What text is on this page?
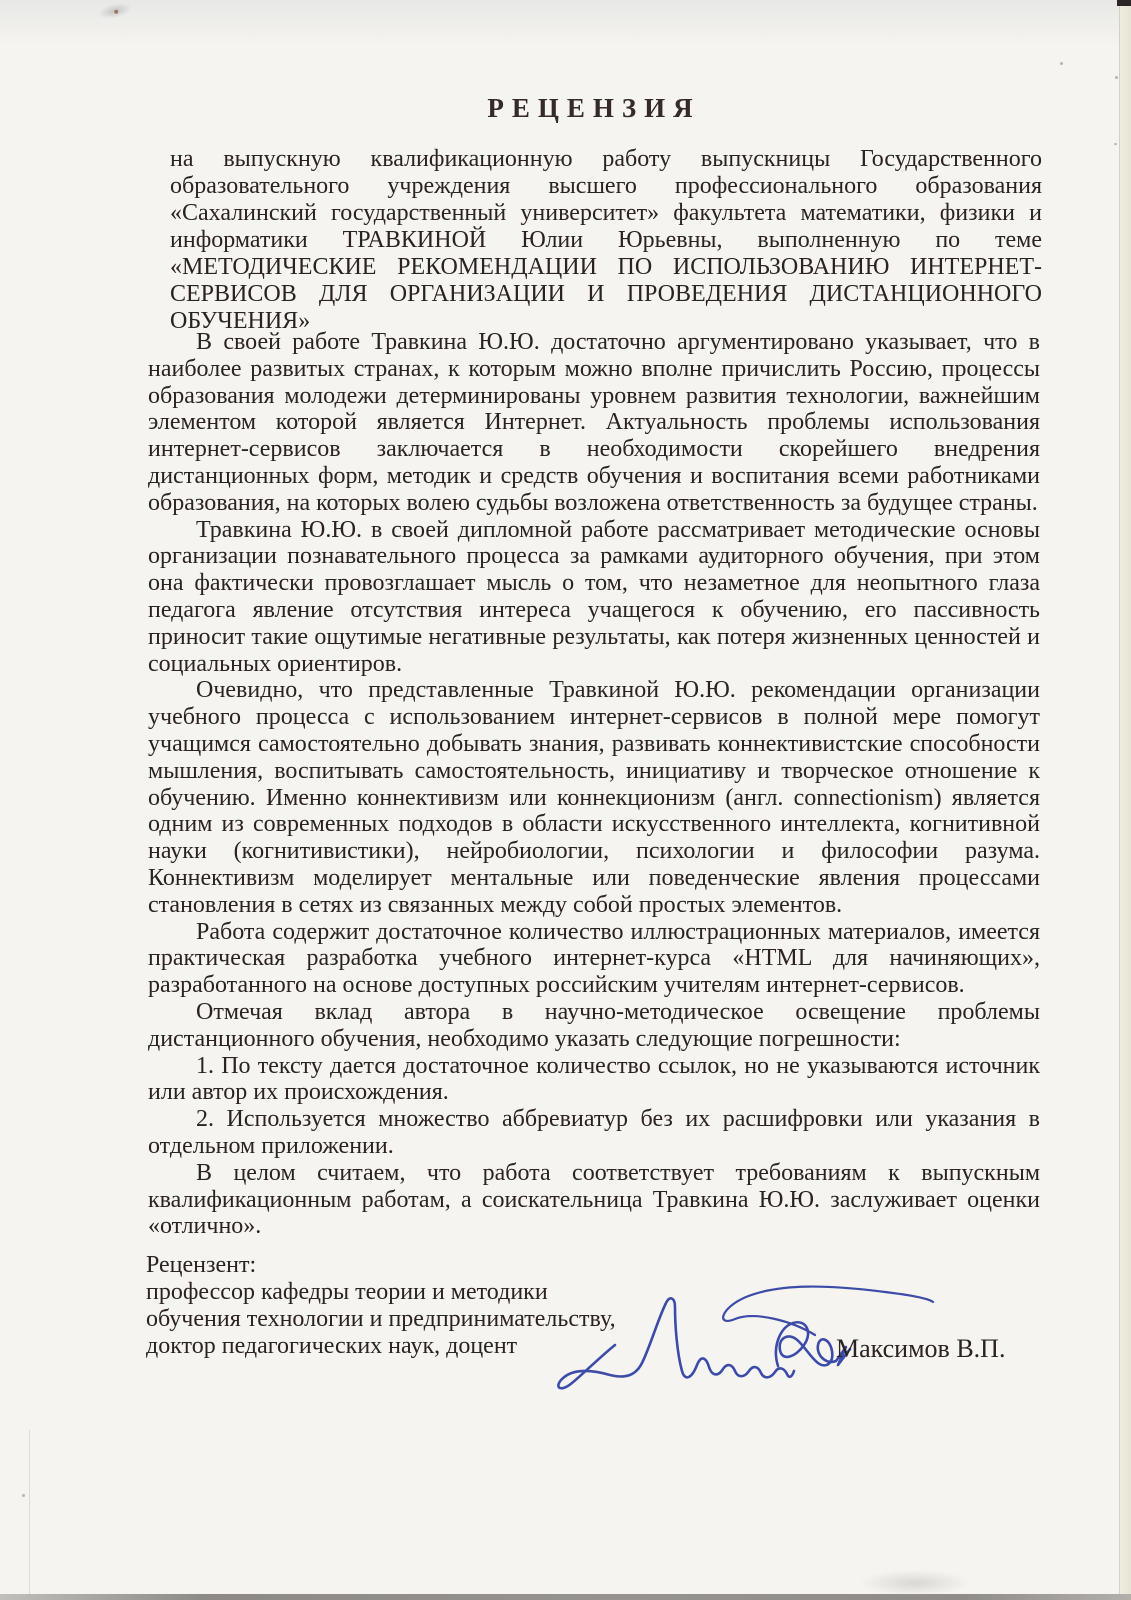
РЕЦЕНЗИЯ
на выпускную квалификационную работу выпускницы Государственного образовательного учреждения высшего профессионального образования «Сахалинский государственный университет» факультета математики, физики и информатики ТРАВКИНОЙ Юлии Юрьевны, выполненную по теме «МЕТОДИЧЕСКИЕ РЕКОМЕНДАЦИИ ПО ИСПОЛЬЗОВАНИЮ ИНТЕРНЕТ-СЕРВИСОВ ДЛЯ ОРГАНИЗАЦИИ И ПРОВЕДЕНИЯ ДИСТАНЦИОННОГО ОБУЧЕНИЯ»

В своей работе Травкина Ю.Ю. достаточно аргументировано указывает, что в наиболее развитых странах, к которым можно вполне причислить Россию, процессы образования молодежи детерминированы уровнем развития технологии, важнейшим элементом которой является Интернет. Актуальность проблемы использования интернет-сервисов заключается в необходимости скорейшего внедрения дистанционных форм, методик и средств обучения и воспитания всеми работниками образования, на которых волею судьбы возложена ответственность за будущее страны.

Травкина Ю.Ю. в своей дипломной работе рассматривает методические основы организации познавательного процесса за рамками аудиторного обучения, при этом она фактически провозглашает мысль о том, что незаметное для неопытного глаза педагога явление отсутствия интереса учащегося к обучению, его пассивность приносит такие ощутимые негативные результаты, как потеря жизненных ценностей и социальных ориентиров.

Очевидно, что представленные Травкиной Ю.Ю. рекомендации организации учебного процесса с использованием интернет-сервисов в полной мере помогут учащимся самостоятельно добывать знания, развивать коннективистские способности мышления, воспитывать самостоятельность, инициативу и творческое отношение к обучению. Именно коннективизм или коннекционизм (англ. connectionism) является одним из современных подходов в области искусственного интеллекта, когнитивной науки (когнитивистики), нейробиологии, психологии и философии разума. Коннективизм моделирует ментальные или поведенческие явления процессами становления в сетях из связанных между собой простых элементов.

Работа содержит достаточное количество иллюстрационных материалов, имеется практическая разработка учебного интернет-курса «HTML для начиняющих», разработанного на основе доступных российским учителям интернет-сервисов.

Отмечая вклад автора в научно-методическое освещение проблемы дистанционного обучения, необходимо указать следующие погрешности:

1. По тексту дается достаточное количество ссылок, но не указываются источник или автор их происхождения.

2. Используется множество аббревиатур без их расшифровки или указания в отдельном приложении.

В целом считаем, что работа соответствует требованиям к выпускным квалификационным работам, а соискательница Травкина Ю.Ю. заслуживает оценки «отлично».

Рецензент:
профессор кафедры теории и методики
обучения технологии и предпринимательству,
доктор педагогических наук, доцент	Максимов В.П.
